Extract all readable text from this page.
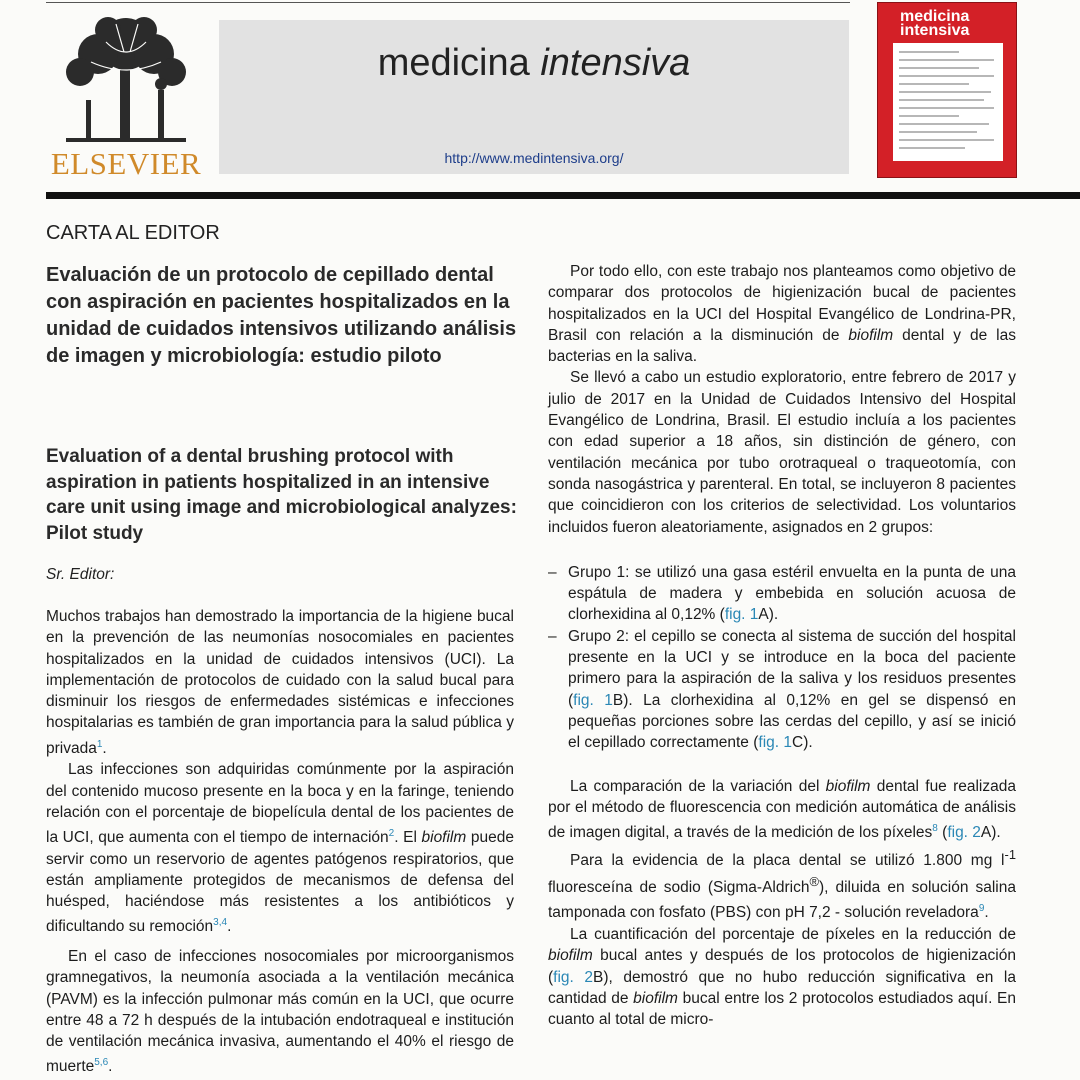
ELSEVIER
medicina intensiva
http://www.medintensiva.org/
medicina
intensiva
CARTA AL EDITOR
Evaluación de un protocolo de cepillado dental con aspiración en pacientes hospitalizados en la unidad de cuidados intensivos utilizando análisis de imagen y microbiología: estudio piloto
Evaluation of a dental brushing protocol with aspiration in patients hospitalized in an intensive care unit using image and microbiological analyzes: Pilot study
Sr. Editor:

Muchos trabajos han demostrado la importancia de la higiene bucal en la prevención de las neumonías nosocomiales en pacientes hospitalizados en la unidad de cuidados intensivos (UCI). La implementación de protocolos de cuidado con la salud bucal para disminuir los riesgos de enfermedades sistémicas e infecciones hospitalarias es también de gran importancia para la salud pública y privada$^1$.

Las infecciones son adquiridas comúnmente por la aspiración del contenido mucoso presente en la boca y en la faringe, teniendo relación con el porcentaje de biopelícula dental de los pacientes de la UCI, que aumenta con el tiempo de internación$^2$. El biofilm puede servir como un reservorio de agentes patógenos respiratorios, que están ampliamente protegidos de mecanismos de defensa del huésped, haciéndose más resistentes a los antibióticos y dificultando su remoción$^{3,4}$.

En el caso de infecciones nosocomiales por microorganismos gramnegativos, la neumonía asociada a la ventilación mecánica (PAVM) es la infección pulmonar más común en la UCI, que ocurre entre 48 a 72 h después de la intubación endotraqueal e institución de ventilación mecánica invasiva, aumentando el 40% el riesgo de muerte$^{5,6}$.

Por todo ello, con este trabajo nos planteamos como objetivo de comparar dos protocolos de higienización bucal de pacientes hospitalizados en la UCI del Hospital Evangélico de Londrina-PR, Brasil con relación a la disminución de biofilm dental y de las bacterias en la saliva.

Se llevó a cabo un estudio exploratorio, entre febrero de 2017 y julio de 2017 en la Unidad de Cuidados Intensivo del Hospital Evangélico de Londrina, Brasil. El estudio incluía a los pacientes con edad superior a 18 años, sin distinción de género, con ventilación mecánica por tubo orotraqueal o traqueotomía, con sonda nasogástrica y parenteral. En total, se incluyeron 8 pacientes que coincidieron con los criterios de selectividad. Los voluntarios incluidos fueron aleatoriamente, asignados en 2 grupos:

– Grupo 1: se utilizó una gasa estéril envuelta en la punta de una espátula de madera y embebida en solución acuosa de clorhexidina al 0,12% (fig. 1A).
– Grupo 2: el cepillo se conecta al sistema de succión del hospital presente en la UCI y se introduce en la boca del paciente primero para la aspiración de la saliva y los residuos presentes (fig. 1B). La clorhexidina al 0,12% en gel se dispensó en pequeñas porciones sobre las cerdas del cepillo, y así se inició el cepillado correctamente (fig. 1C).

La comparación de la variación del biofilm dental fue realizada por el método de fluorescencia con medición automática de análisis de imagen digital, a través de la medición de los píxeles$^8$ (fig. 2A).

Para la evidencia de la placa dental se utilizó 1.800 mg $l^{-1}$ fluoresceína de sodio (Sigma-Aldrich®), diluida en solución salina tamponada con fosfato (PBS) con pH 7,2 - solución reveladora$^9$.

La cuantificación del porcentaje de píxeles en la reducción de biofilm bucal antes y después de los protocolos de higienización (fig. 2B), demostró que no hubo reducción significativa en la cantidad de biofilm bucal entre los 2 protocolos estudiados aquí. En cuanto al total de micro-
